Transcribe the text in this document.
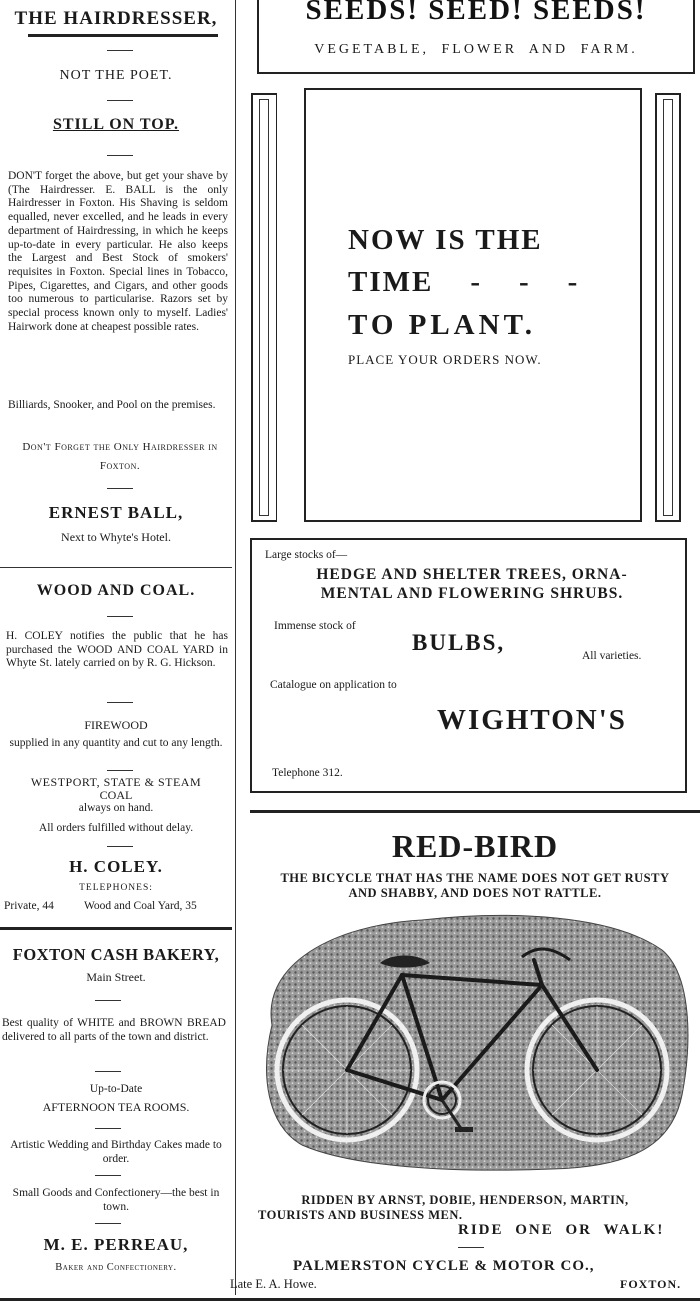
THE HAIRDRESSER,
NOT THE POET.
STILL ON TOP.
DON'T forget the above, but get your shave by (The Hairdresser. E. BALL is the only Hairdresser in Foxton. His Shaving is seldom equalled, never excelled, and he leads in every department of Hairdressing, in which he keeps up-to-date in every particular. He also keeps the Largest and Best Stock of smokers' requisites in Foxton. Special lines in Tobacco, Pipes, Cigarettes, and Cigars, and other goods too numerous to particularise. Razors set by special process known only to myself. Ladies' Hairwork done at cheapest possible rates.
Billiards, Snooker, and Pool on the premises.
Don't Forget the Only Hairdresser in Foxton.
ERNEST BALL,
Next to Whyte's Hotel.
WOOD AND COAL.
H. COLEY notifies the public that he has purchased the WOOD AND COAL YARD in Whyte St. lately carried on by R. G. Hickson.
FIREWOOD
supplied in any quantity and cut to any length.
WESTPORT, STATE & STEAM
COAL
always on hand.
All orders fulfilled without delay.
H. COLEY.
TELEPHONES:
Private, 44	Wood and Coal Yard, 35
FOXTON CASH BAKERY,
Main Street.
Best quality of WHITE and BROWN BREAD delivered to all parts of the town and district.
Up-to-Date
AFTERNOON TEA ROOMS.
Artistic Wedding and Birthday Cakes made to order.
Small Goods and Confectionery—the best in town.
M. E. PERREAU,
Baker and Confectionery.
SEEDS! SEED! SEEDS!
VEGETABLE, FLOWER AND FARM.
NOW IS THE
TIME    -    -    -
TO PLANT.
PLACE YOUR ORDERS NOW.
Large stocks of—
HEDGE AND SHELTER TREES, ORNA-
MENTAL AND FLOWERING SHRUBS.
Immense stock of
BULBS,
All varieties.
Catalogue on application to
WIGHTON'S
Telephone 312.
RED-BIRD
THE BICYCLE THAT HAS THE NAME DOES NOT GET RUSTY
AND SHABBY, AND DOES NOT RATTLE.
RIDDEN BY ARNST, DOBIE, HENDERSON, MARTIN,
TOURISTS AND BUSINESS MEN.
RIDE ONE OR WALK!
PALMERSTON CYCLE & MOTOR CO.,
Late E. A. Howe.	FOXTON.
